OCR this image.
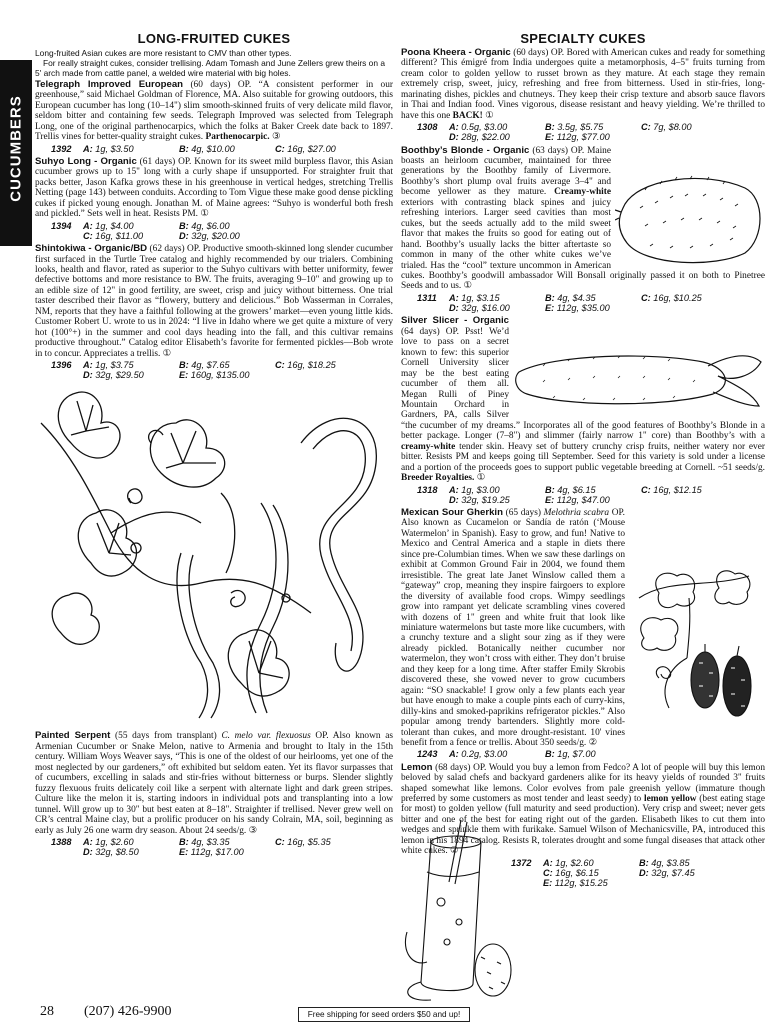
CUCUMBERS
LONG-FRUITED CUKES
Long-fruited Asian cukes are more resistant to CMV than other types.
For really straight cukes, consider trellising. Adam Tomash and June Zellers grew theirs on a 5' arch made from cattle panel, a welded wire material with big holes.
Telegraph Improved European (60 days) OP. “A consistent performer in our greenhouse,” said Michael Goldman of Florence, MA. Also suitable for growing outdoors, this European cucumber has long (10–14") slim smooth-skinned fruits of very delicate mild flavor, seldom bitter and containing few seeds. Telegraph Improved was selected from Telegraph Long, one of the original parthenocarpics, which the folks at Baker Creek date back to 1897. Trellis vines for better-quality straight cukes. Parthenocarpic. ③
1392	A: 1g, $3.50	B: 4g, $10.00	C: 16g, $27.00
Suhyo Long - Organic (61 days) OP. Known for its sweet mild burpless flavor, this Asian cucumber grows up to 15" long with a curly shape if unsupported. For straighter fruit that packs better, Jason Kafka grows these in his greenhouse in vertical hedges, stretching Trellis Netting (page 143) between conduits. According to Tom Vigue these make good dense pickling cukes if picked young enough. Jonathan M. of Maine agrees: “Suhyo is wonderful both fresh and pickled.” Sets well in heat. Resists PM. ①
1394	A: 1g, $4.00	B: 4g, $6.00
C: 16g, $11.00	D: 32g, $20.00
Shintokiwa - Organic/BD (62 days) OP. Productive smooth-skinned long slender cucumber first surfaced in the Turtle Tree catalog and highly recommended by our trialers. Combining looks, health and flavor, rated as superior to the Suhyo cultivars with better uniformity, fewer defective bottoms and more resistance to BW. The fruits, averaging 9–10" and growing up to an edible size of 12" in good fertility, are sweet, crisp and juicy without bitterness. One trial taster described their flavor as “flowery, buttery and delicious.” Bob Wasserman in Corrales, NM, reports that they have a faithful following at the growers’ market—even young little kids. Customer Robert U. wrote to us in 2024: “I live in Idaho where we get quite a mixture of very hot (100°+) in the summer and cool days heading into the fall, and this cultivar remains productive throughout.” Catalog editor Elisabeth’s favorite for fermented pickles—Bob wrote in to concur. Appreciates a trellis. ①
1396	A: 1g, $3.75	B: 4g, $7.65	C: 16g, $18.25
D: 32g, $29.50	E: 160g, $135.00
Painted Serpent (55 days from transplant) C. melo var. flexuosus OP. Also known as Armenian Cucumber or Snake Melon, native to Armenia and brought to Italy in the 15th century. William Woys Weaver says, “This is one of the oldest of our heirlooms, yet one of the most neglected by our gardeners,” oft exhibited but seldom eaten. Yet its flavor surpasses that of cucumbers, excelling in salads and stir-fries without bitterness or burps. Slender slightly fuzzy flexuous fruits delicately coil like a serpent with alternate light and dark green stripes. Culture like the melon it is, starting indoors in individual pots and transplanting into a low tunnel. Will grow up to 30" but best eaten at 8–18". Straighter if trellised. Never grew well on CR’s central Maine clay, but a prolific producer on his sandy Colrain, MA, soil, beginning as early as July 26 one warm dry season. About 24 seeds/g. ③
1388	A: 1g, $2.60	B: 4g, $3.35	C: 16g, $5.35
D: 32g, $8.50	E: 112g, $17.00
SPECIALTY CUKES
Poona Kheera - Organic (60 days) OP. Bored with American cukes and ready for something different? This émigré from India undergoes quite a metamorphosis, 4–5" fruits turning from cream color to golden yellow to russet brown as they mature. At each stage they remain extremely crisp, sweet, juicy, refreshing and free from bitterness. Used in stir-fries, long-marinating dishes, pickles and chutneys. They keep their crisp texture and absorb sauce flavors in Thai and Indian food. Vines vigorous, disease resistant and heavy yielding. We’re thrilled to have this one BACK! ①
1308	A: 0.5g, $3.00	B: 3.5g, $5.75	C: 7g, $8.00
D: 28g, $22.00	E: 112g, $77.00
Boothby’s Blonde - Organic (63 days) OP. Maine boasts an heirloom cucumber, maintained for three generations by the Boothby family of Livermore. Boothby’s short plump oval fruits average 3–4" and become yellower as they mature. Creamy-white exteriors with contrasting black spines and juicy refreshing interiors. Larger seed cavities than most cukes, but the seeds actually add to the mild sweet flavor that makes the fruits so good for eating out of hand. Boothby’s usually lacks the bitter aftertaste so common in many of the other white cukes we’ve trialed. Has the “cool” texture uncommon in American cukes. Boothby’s goodwill ambassador Will Bonsall originally passed it on both to Pinetree Seeds and to us. ①
1311	A: 1g, $3.15	B: 4g, $4.35	C: 16g, $10.25
D: 32g, $16.00	E: 112g, $35.00
Silver Slicer - Organic (64 days) OP. Psst! We’d love to pass on a secret known to few: this superior Cornell University slicer may be the best eating cucumber of them all. Megan Rulli of Piney Mountain Orchard in Gardners, PA, calls Silver “the cucumber of my dreams.” Incorporates all of the good features of Boothby’s Blonde in a better package. Longer (7–8") and slimmer (fairly narrow 1" core) than Boothby’s with a creamy-white tender skin. Heavy set of buttery crunchy crisp fruits, neither watery nor ever bitter. Resists PM and keeps going till September. Seed for this variety is sold under a license and a portion of the proceeds goes to support public vegetable breeding at Cornell. ~51 seeds/g. Breeder Royalties. ①
1318	A: 1g, $3.00	B: 4g, $6.15	C: 16g, $12.15
D: 32g, $19.25	E: 112g, $47.00
Mexican Sour Gherkin (65 days) Melothria scabra OP. Also known as Cucamelon or Sandía de ratón (‘Mouse Watermelon’ in Spanish). Easy to grow, and fun! Native to Mexico and Central America and a staple in diets there since pre-Columbian times. When we saw these darlings on exhibit at Common Ground Fair in 2004, we found them irresistible. The great late Janet Winslow called them a “gateway” crop, meaning they inspire fairgoers to explore the diversity of available food crops. Wimpy seedlings grow into rampant yet delicate scrambling vines covered with dozens of 1" green and white fruit that look like miniature watermelons but taste more like cucumbers, with a crunchy texture and a slight sour zing as if they were already pickled. Botanically neither cucumber nor watermelon, they won’t cross with either. They don’t bruise and they keep for a long time. After staffer Emily Skrobis discovered these, she vowed never to grow cucumbers again: “SO snackable! I grow only a few plants each year but have enough to make a couple pints each of curry-kins, dilly-kins and smoked-paprikins refrigerator pickles.” Also popular among trendy bartenders. Slightly more cold-tolerant than cukes, and more drought-resistant. 10' vines benefit from a fence or trellis. About 350 seeds/g. ②
1243	A: 0.2g, $3.00	B: 1g, $7.00
Lemon (68 days) OP. Would you buy a lemon from Fedco? A lot of people will buy this lemon beloved by salad chefs and backyard gardeners alike for its heavy yields of rounded 3" fruits shaped somewhat like lemons. Color evolves from pale greenish yellow (immature though preferred by some customers as most tender and least seedy) to lemon yellow (best eating stage for most) to golden yellow (full maturity and seed production). Very crisp and sweet; never gets bitter and one of the best for eating right out of the garden. Elisabeth likes to cut them into wedges and sprinkle them with furikake. Samuel Wilson of Mechanicsville, PA, introduced this lemon in his 1894 catalog. Resists R, tolerates drought and some fungal diseases that attack other white cukes. ②
1372	A: 1g, $2.60	B: 4g, $3.85
C: 16g, $6.15	D: 32g, $7.45
E: 112g, $15.25
28 (207) 426-9900	Free shipping for seed orders $50 and up!
